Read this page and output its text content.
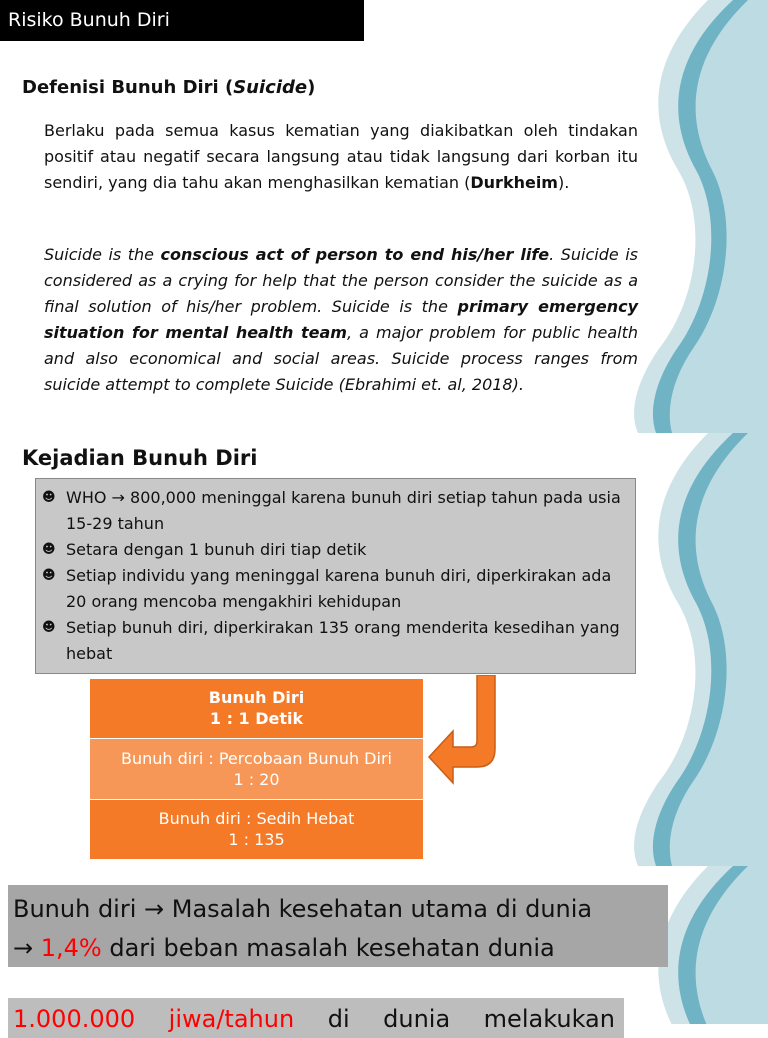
Risiko Bunuh Diri
Defenisi Bunuh Diri (Suicide)

Berlaku pada semua kasus kematian yang diakibatkan oleh tindakan positif atau negatif secara langsung atau tidak langsung dari korban itu sendiri, yang dia tahu akan menghasilkan kematian (Durkheim).

Suicide is the conscious act of person to end his/her life. Suicide is considered as a crying for help that the person consider the suicide as a final solution of his/her problem. Suicide is the primary emergency situation for mental health team, a major problem for public health and also economical and social areas. Suicide process ranges from suicide attempt to complete Suicide (Ebrahimi et. al, 2018).

Kejadian Bunuh Diri
☻ WHO → 800,000 meninggal karena bunuh diri setiap tahun pada usia 15-29 tahun
☻ Setara dengan 1 bunuh diri tiap detik
☻ Setiap individu yang meninggal karena bunuh diri, diperkirakan ada 20 orang mencoba mengakhiri kehidupan
☻ Setiap bunuh diri, diperkirakan 135 orang menderita kesedihan yang hebat
Bunuh Diri
1 : 1 Detik
Bunuh diri : Percobaan Bunuh Diri
1 : 20
Bunuh diri : Sedih Hebat
1 : 135
Bunuh diri → Masalah kesehatan utama di dunia
→ 1,4% dari beban masalah kesehatan dunia
1.000.000 jiwa/tahun di dunia melakukan
